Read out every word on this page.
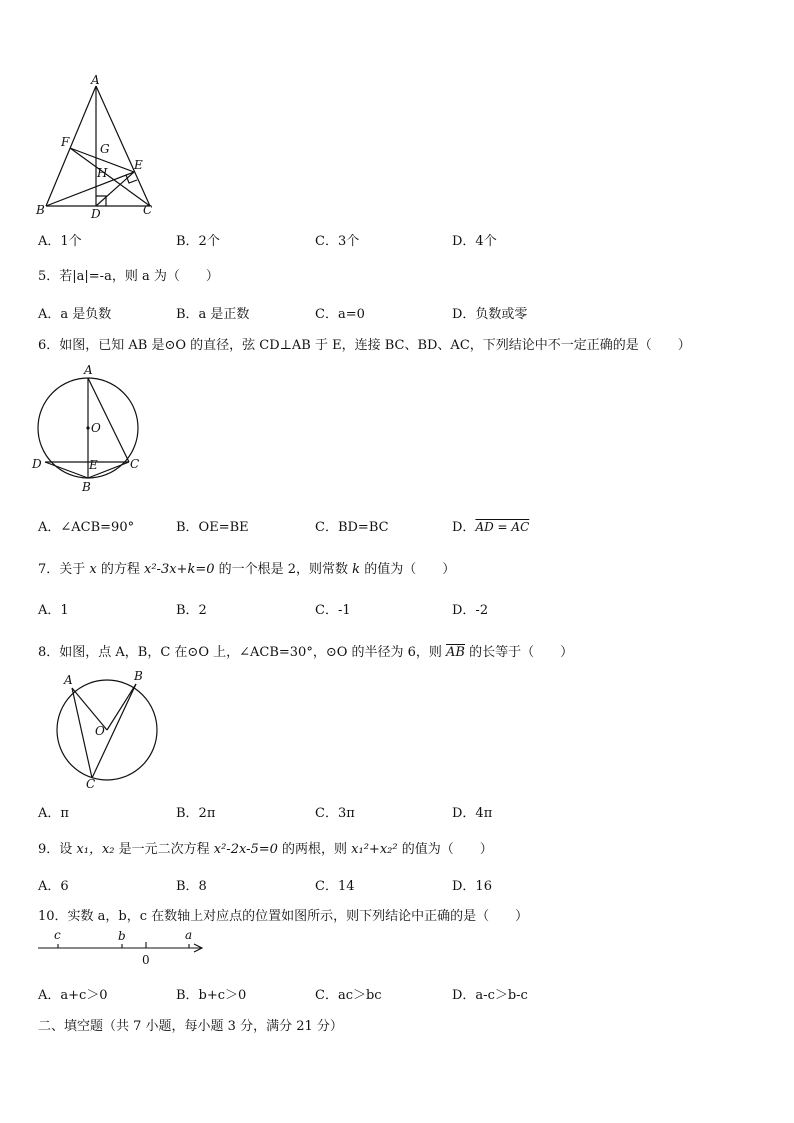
A
F	G
E
H
B	D	C
A．1个	B．2个	C．3个	D．4个
5．若|a|=-a，则 a 为（　　）
A．a 是负数	B．a 是正数	C．a=0	D．负数或零
6．如图，已知 AB 是⊙O 的直径，弦 CD⊥AB 于 E，连接 BC、BD、AC，下列结论中不一定正确的是（　　）
A
O
D	E	C
B
A．∠ACB=90°	B．OE=BE	C．BD=BC	D．AD = AC
7．关于 x 的方程 x²-3x+k=0 的一个根是 2，则常数 k 的值为（　　）
A．1	B．2	C．-1	D．-2
8．如图，点 A，B，C 在⊙O 上，∠ACB=30°，⊙O 的半径为 6，则 $\overline{AB}$ 的长等于（　　）
A	B
O
C
A．π	B．2π	C．3π	D．4π
9．设 x₁，x₂ 是一元二次方程 x²-2x-5=0 的两根，则 x₁²+x₂² 的值为（　　）
A．6	B．8	C．14	D．16
10．实数 a，b，c 在数轴上对应点的位置如图所示，则下列结论中正确的是（　　）
c	b
0
a
A．a+c＞0	B．b+c＞0	C．ac＞bc	D．a-c＞b-c
二、填空题（共 7 小题，每小题 3 分，满分 21 分）
